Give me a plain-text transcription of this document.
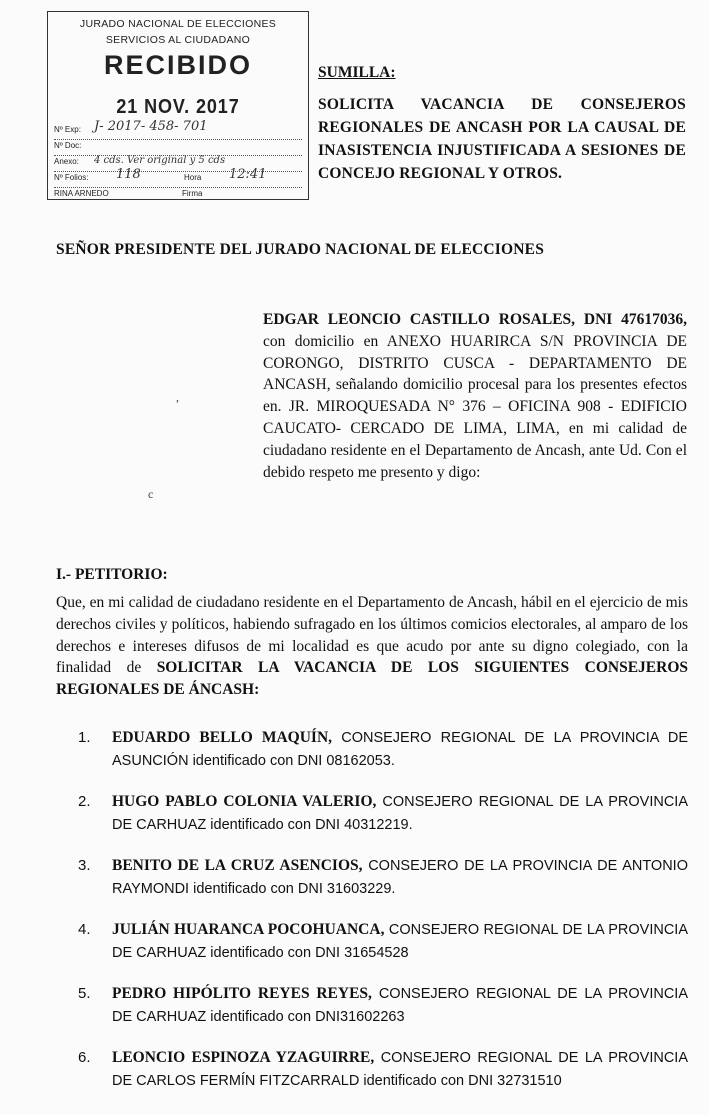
JURADO NACIONAL DE ELECCIONES
SERVICIOS AL CIUDADANO
RECIBIDO
21 NOV. 2017
Nº Exp: J- 2017- 458- 701
Nº Doc:
Anexo: 4 cds. Ver original y 5 cds
Nº Folios: 118	Hora 12:41
RINA ARNEDO	Firma
SUMILLA:
SOLICITA VACANCIA DE CONSEJEROS REGIONALES DE ANCASH POR LA CAUSAL DE INASISTENCIA INJUSTIFICADA A SESIONES DE CONCEJO REGIONAL Y OTROS.
SEÑOR PRESIDENTE DEL JURADO NACIONAL DE ELECCIONES
EDGAR LEONCIO CASTILLO ROSALES, DNI 47617036, con domicilio en ANEXO HUARIRCA S/N PROVINCIA DE CORONGO, DISTRITO CUSCA - DEPARTAMENTO DE ANCASH, señalando domicilio procesal para los presentes efectos en. JR. MIROQUESADA N° 376 – OFICINA 908 - EDIFICIO CAUCATO- CERCADO DE LIMA, LIMA, en mi calidad de ciudadano residente en el Departamento de Ancash, ante Ud. Con el debido respeto me presento y digo:
,
c
I.- PETITORIO:
Que, en mi calidad de ciudadano residente en el Departamento de Ancash, hábil en el ejercicio de mis derechos civiles y políticos, habiendo sufragado en los últimos comicios electorales, al amparo de los derechos e intereses difusos de mi localidad es que acudo por ante su digno colegiado, con la finalidad de SOLICITAR LA VACANCIA DE LOS SIGUIENTES CONSEJEROS REGIONALES DE ÁNCASH:
1. EDUARDO BELLO MAQUÍN, CONSEJERO REGIONAL DE LA PROVINCIA DE ASUNCIÓN identificado con DNI 08162053.
2. HUGO PABLO COLONIA VALERIO, CONSEJERO REGIONAL DE LA PROVINCIA DE CARHUAZ identificado con DNI 40312219.
3. BENITO DE LA CRUZ ASENCIOS, CONSEJERO DE LA PROVINCIA DE ANTONIO RAYMONDI identificado con DNI 31603229.
4. JULIÁN HUARANCA POCOHUANCA, CONSEJERO REGIONAL DE LA PROVINCIA DE CARHUAZ identificado con DNI 31654528
5. PEDRO HIPÓLITO REYES REYES, CONSEJERO REGIONAL DE LA PROVINCIA DE CARHUAZ identificado con DNI31602263
6. LEONCIO ESPINOZA YZAGUIRRE, CONSEJERO REGIONAL DE LA PROVINCIA DE CARLOS FERMÍN FITZCARRALD identificado con DNI 32731510
